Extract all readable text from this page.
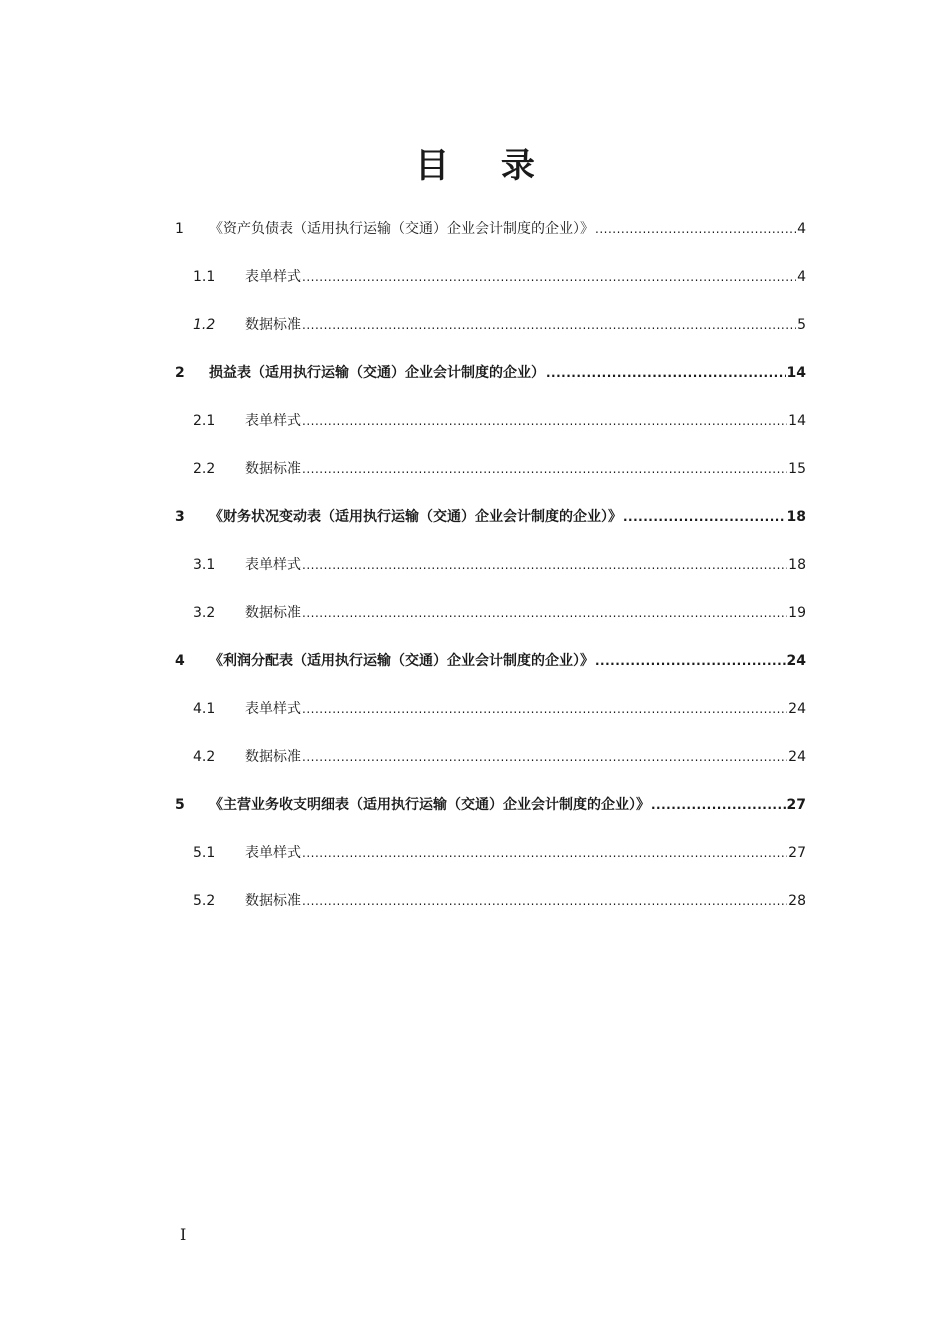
目 录
1	《资产负债表（适用执行运输（交通）企业会计制度的企业）》 .....	4
1.1	表单样式 .....	4
1.2	数据标准 .....	5
2	损益表（适用执行运输（交通）企业会计制度的企业） .....	14
2.1	表单样式 .....	14
2.2	数据标准 .....	15
3	《财务状况变动表（适用执行运输（交通）企业会计制度的企业）》 .....	18
3.1	表单样式 .....	18
3.2	数据标准 .....	19
4	《利润分配表（适用执行运输（交通）企业会计制度的企业）》 .....	24
4.1	表单样式 .....	24
4.2	数据标准 .....	24
5	《主营业务收支明细表（适用执行运输（交通）企业会计制度的企业）》 .....	27
5.1	表单样式 .....	27
5.2	数据标准 .....	28
I
